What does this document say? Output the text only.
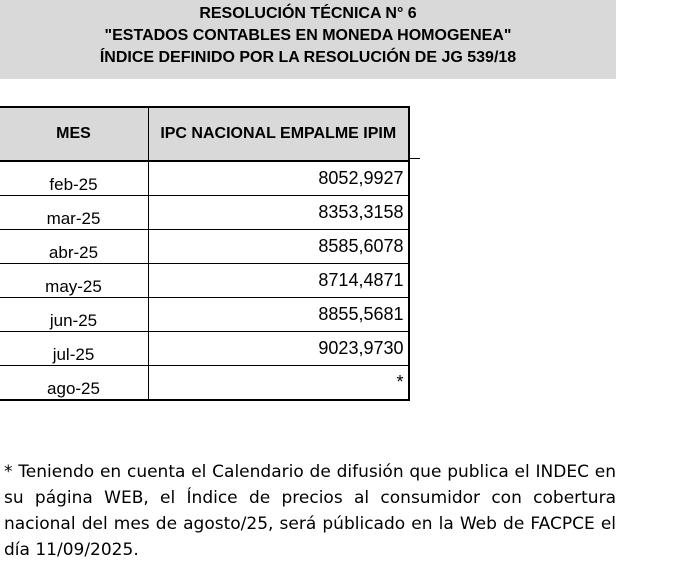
RESOLUCIÓN TÉCNICA N° 6
"ESTADOS CONTABLES EN MONEDA HOMOGENEA"
ÍNDICE DEFINIDO POR LA RESOLUCIÓN DE JG 539/18
MES	IPC NACIONAL EMPALME IPIM
feb-25	8052,9927
mar-25	8353,3158
abr-25	8585,6078
may-25	8714,4871
jun-25	8855,5681
jul-25	9023,9730
ago-25	*

* Teniendo en cuenta el Calendario de difusión que publica el INDEC en su página WEB, el Índice de precios al consumidor con cobertura nacional del mes de agosto/25, será públicado en la Web de FACPCE el día 11/09/2025.
